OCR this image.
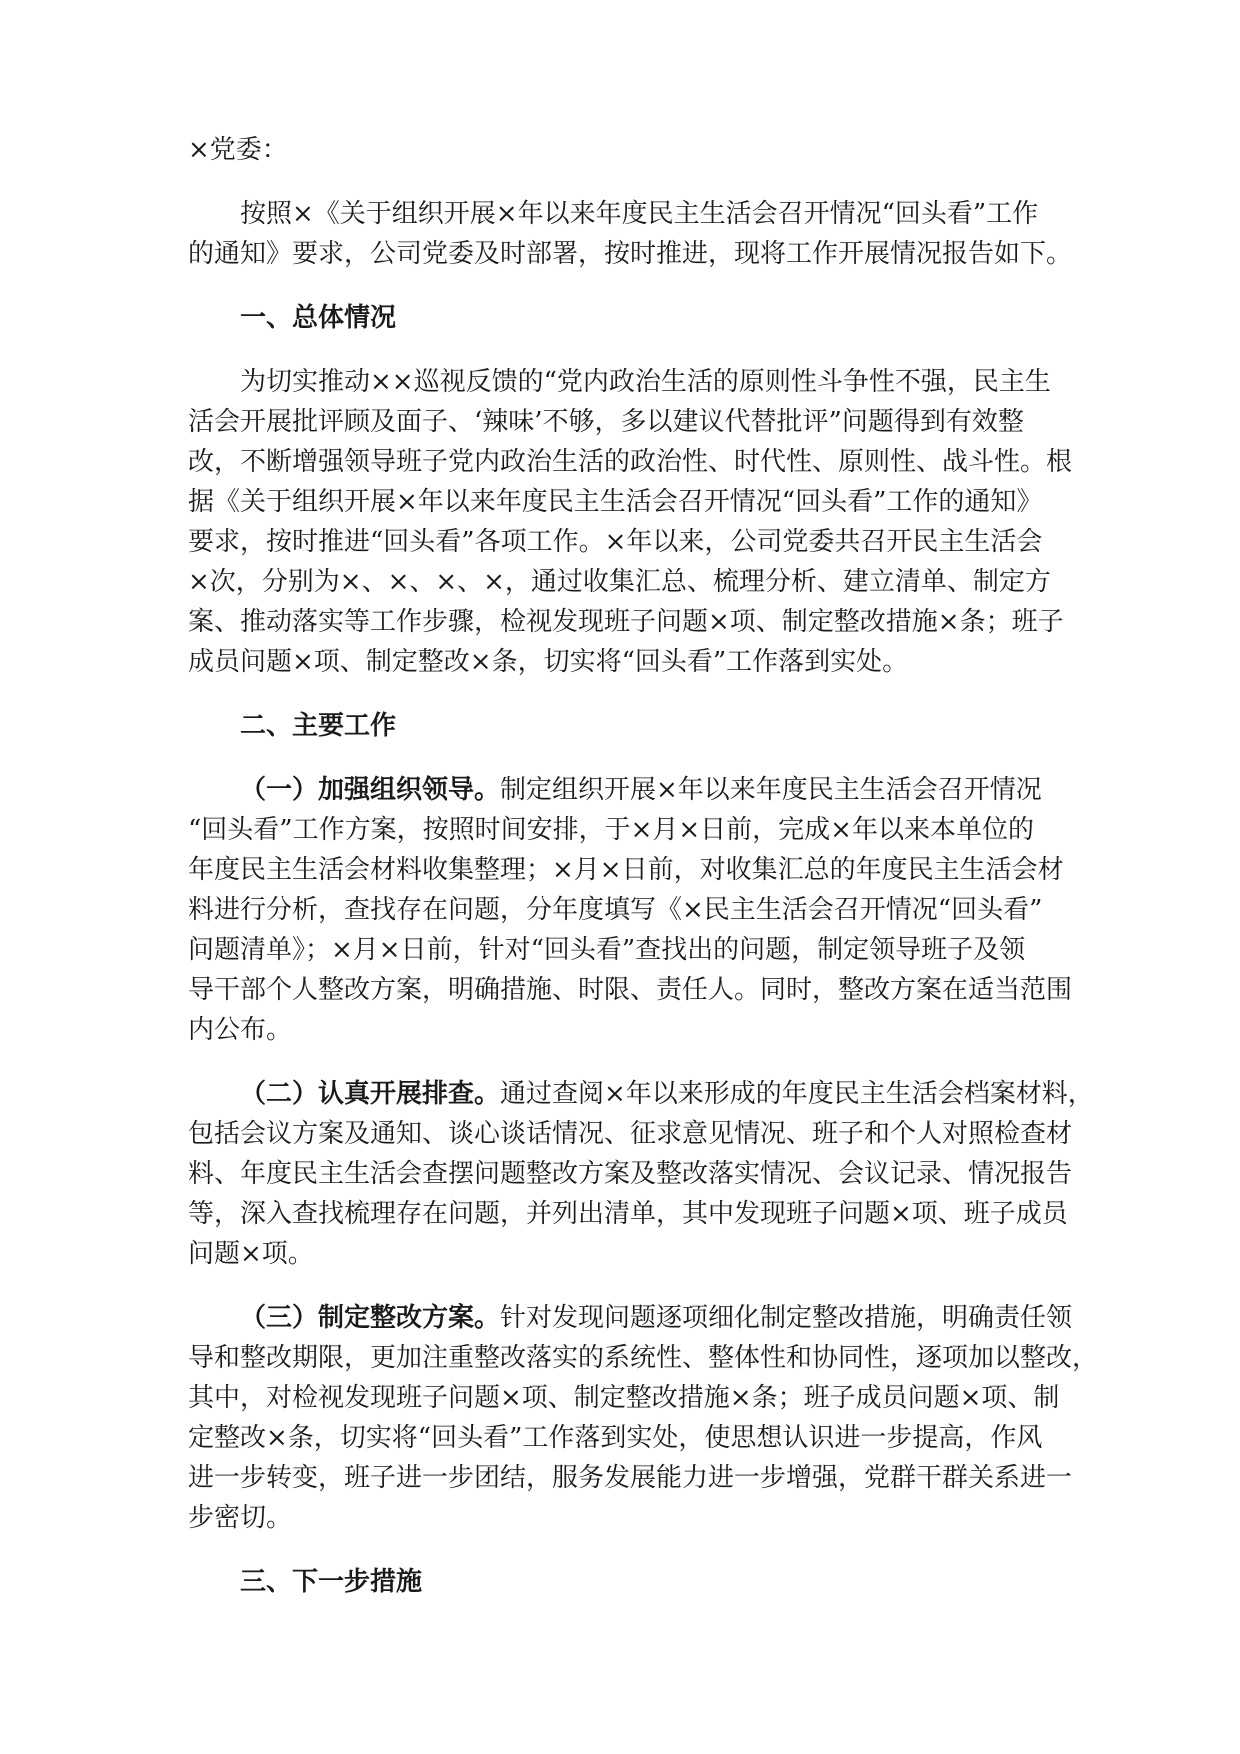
×党委：

按照×《关于组织开展×年以来年度民主生活会召开情况“回头看”工作

的通知》要求，公司党委及时部署，按时推进，现将工作开展情况报告如下。

一、总体情况

为切实推动××巡视反馈的“党内政治生活的原则性斗争性不强，民主生

活会开展批评顾及面子、‘辣味’不够，多以建议代替批评”问题得到有效整

改，不断增强领导班子党内政治生活的政治性、时代性、原则性、战斗性。根

据《关于组织开展×年以来年度民主生活会召开情况“回头看”工作的通知》

要求，按时推进“回头看”各项工作。×年以来，公司党委共召开民主生活会

×次，分别为×、×、×、×，通过收集汇总、梳理分析、建立清单、制定方

案、推动落实等工作步骤，检视发现班子问题×项、制定整改措施×条；班子

成员问题×项、制定整改×条，切实将“回头看”工作落到实处。

二、主要工作

（一）加强组织领导。制定组织开展×年以来年度民主生活会召开情况

“回头看”工作方案，按照时间安排，于×月×日前，完成×年以来本单位的

年度民主生活会材料收集整理；×月×日前，对收集汇总的年度民主生活会材

料进行分析，查找存在问题，分年度填写《×民主生活会召开情况“回头看”

问题清单》；×月×日前，针对“回头看”查找出的问题，制定领导班子及领

导干部个人整改方案，明确措施、时限、责任人。同时，整改方案在适当范围

内公布。

（二）认真开展排查。通过查阅×年以来形成的年度民主生活会档案材料，

包括会议方案及通知、谈心谈话情况、征求意见情况、班子和个人对照检查材

料、年度民主生活会查摆问题整改方案及整改落实情况、会议记录、情况报告

等，深入查找梳理存在问题，并列出清单，其中发现班子问题×项、班子成员

问题×项。

（三）制定整改方案。针对发现问题逐项细化制定整改措施，明确责任领

导和整改期限，更加注重整改落实的系统性、整体性和协同性，逐项加以整改，

其中，对检视发现班子问题×项、制定整改措施×条；班子成员问题×项、制

定整改×条，切实将“回头看”工作落到实处，使思想认识进一步提高，作风

进一步转变，班子进一步团结，服务发展能力进一步增强，党群干群关系进一

步密切。

三、下一步措施
